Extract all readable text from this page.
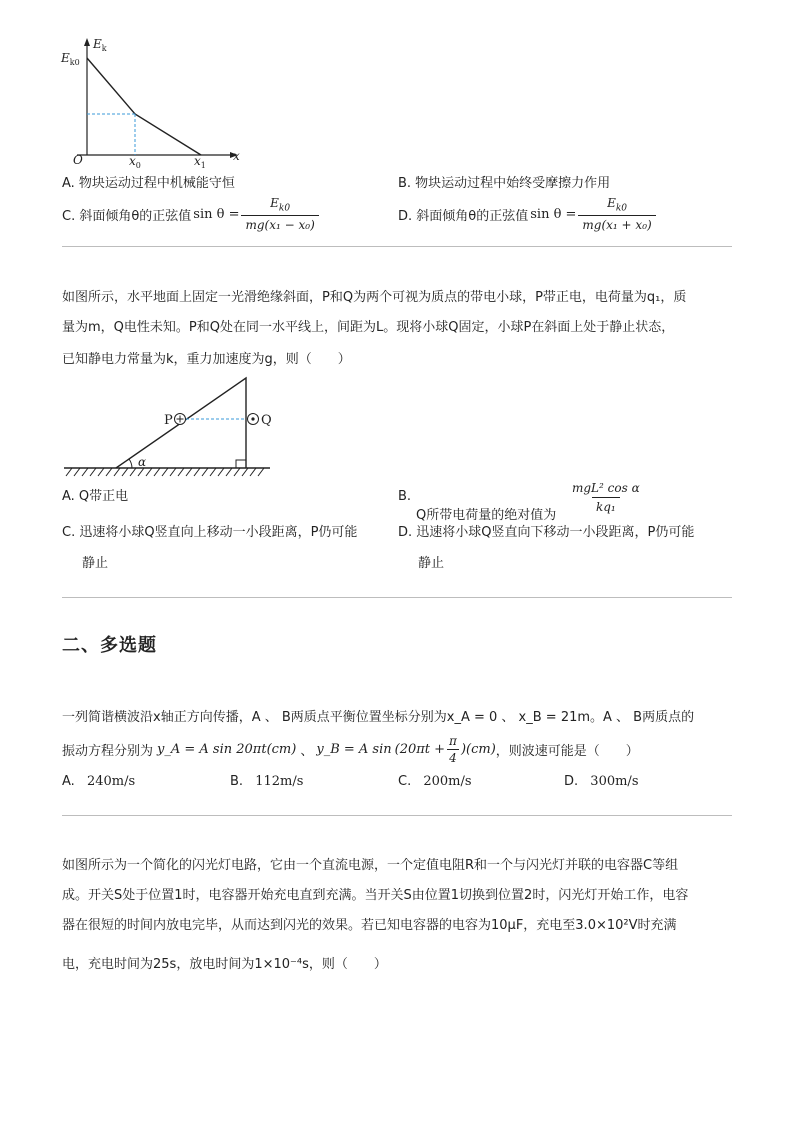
$E_k$
$E_{k0}$
O	$x_0$	$x_1$
x
A. 物块运动过程中机械能守恒	B. 物块运动过程中始终受摩擦力作用
C. 斜面倾角θ的正弦值 $\sin \theta = \frac{E_{k0}}{\text{mg(x₁ − x₀)}}$	D. 斜面倾角θ的正弦值 $\sin \theta = \frac{E_{k0}}{\text{mg(x₁ + x₀)}}$
如图所示，水平地面上固定一光滑绝缘斜面，P和Q为两个可视为质点的带电小球，P带正电，电荷量为q₁，质
量为m，Q电性未知。P和Q处在同一水平线上，间距为L。现将小球Q固定，小球P在斜面上处于静止状态，
已知静电力常量为k，重力加速度为g，则（　　）
α
P	Q
A. Q带正电	B.
Q所带电荷量的绝对值为
mgL² cos α
kq₁
C. 迅速将小球Q竖直向上移动一小段距离，P仍可能
静止
D. 迅速将小球Q竖直向下移动一小段距离，P仍可能
静止
二、多选题
一列简谐横波沿x轴正方向传播，A 、 B两质点平衡位置坐标分别为x_A = 0 、 x_B = 21m。A 、 B两质点的
振动方程分别为 y_A = A sin 20πt(cm) 、 y_B = A $\sin (20\pi t + \frac{\pi}{4} )(cm)$ ，则波速可能是（　　）
A. 240m/s	B. 112m/s	C. 200m/s	D. 300m/s
如图所示为一个简化的闪光灯电路，它由一个直流电源，一个定值电阻R和一个与闪光灯并联的电容器C等组
成。开关S处于位置1时，电容器开始充电直到充满。当开关S由位置1切换到位置2时，闪光灯开始工作，电容
器在很短的时间内放电完毕，从而达到闪光的效果。若已知电容器的电容为10μF，充电至3.0×10²V时充满
电，充电时间为25s，放电时间为1×10⁻⁴s，则（　　）
